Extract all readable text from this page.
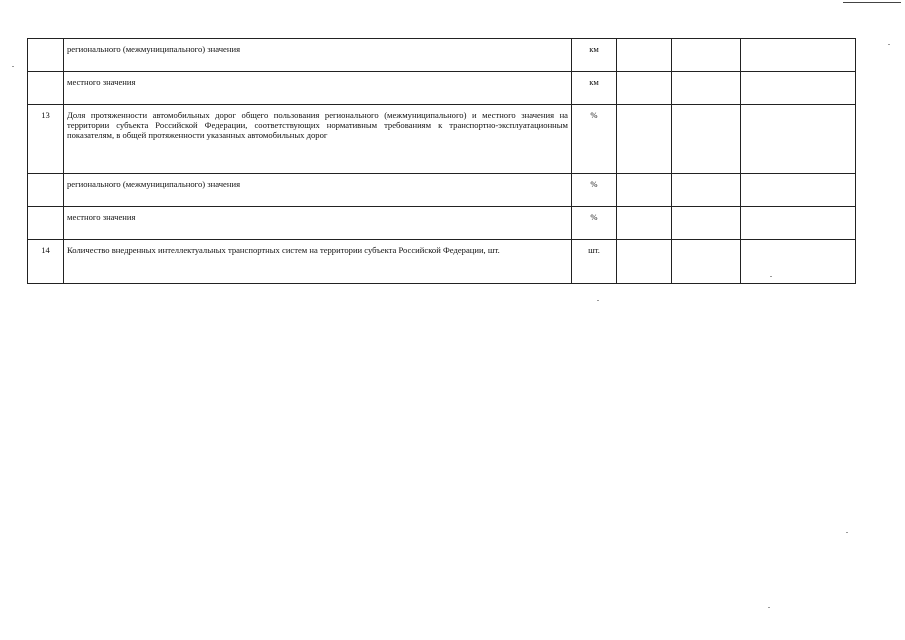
	регионального (межмуниципального) значения	км			
	местного значения	км			
13	Доля протяженности автомобильных дорог общего пользования регионального (межмуниципального) и местного значения на территории субъекта Российской Федерации, соответствующих нормативным требованиям к транспортно-эксплуатационным показателям, в общей протяженности указанных автомобильных дорог	%			
	регионального (межмуниципального) значения	%			
	местного значения	%			
14	Количество внедренных интеллектуальных транспортных систем на территории субъекта Российской Федерации, шт.	шт.			
